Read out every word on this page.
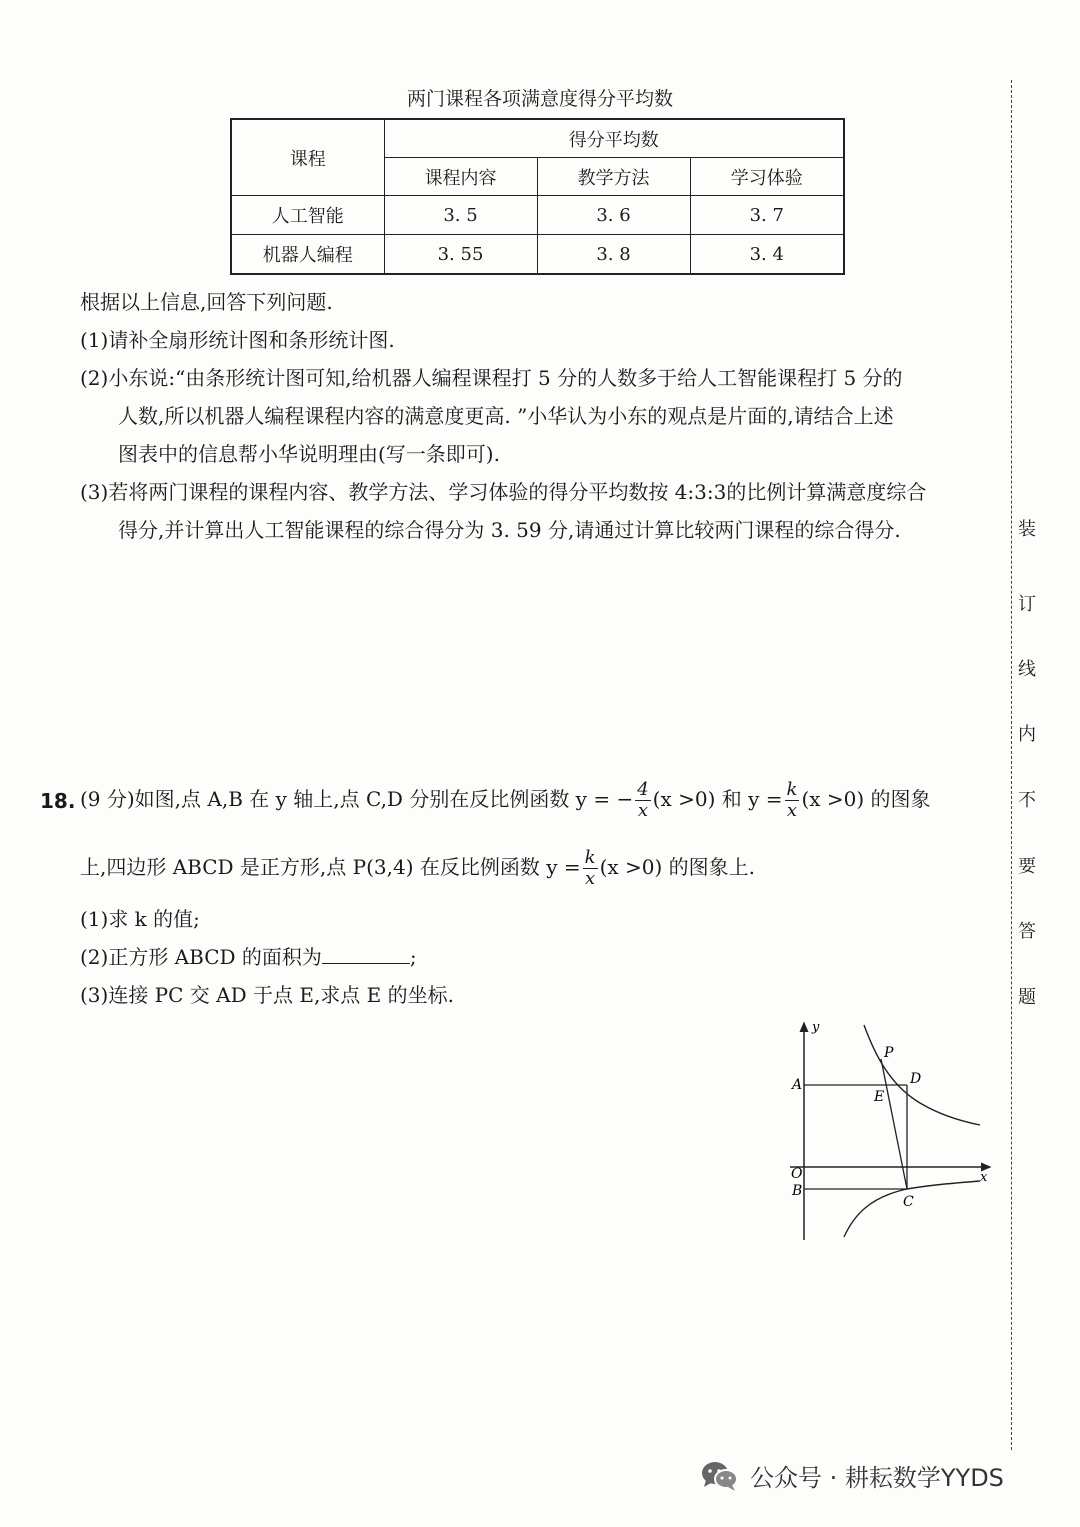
两门课程各项满意度得分平均数
课程	得分平均数		
	课程内容	教学方法	学习体验
人工智能	3. 5	3. 6	3. 7
机器人编程	3. 55	3. 8	3. 4
根据以上信息,回答下列问题.
(1)请补全扇形统计图和条形统计图.
(2)小东说:“由条形统计图可知,给机器人编程课程打 5 分的人数多于给人工智能课程打 5 分的
人数,所以机器人编程课程内容的满意度更高. ”小华认为小东的观点是片面的,请结合上述
图表中的信息帮小华说明理由(写一条即可).
(3)若将两门课程的课程内容、教学方法、学习体验的得分平均数按 4:3:3的比例计算满意度综合
得分,并计算出人工智能课程的综合得分为 3. 59 分,请通过计算比较两门课程的综合得分.
18. (9 分)如图,点 A,B 在 y 轴上,点 C,D 分别在反比例函数 y = − $\frac{4}{x} (x >0)$ 和 $y = \frac{k}{x} (x >0)$ 的图象
上,四边形 ABCD 是正方形,点 P(3,4) 在反比例函数 $y = \frac{k}{x} (x >0)$ 的图象上.
(1)求 k 的值;
(2)正方形 ABCD 的面积为	;
(3)连接 PC 交 AD 于点 E,求点 E 的坐标.
y
x
O
A
B
C
D
E
P
装
订
线
内
不
要
答
题
公众号 · 耕耘数学YYDS
